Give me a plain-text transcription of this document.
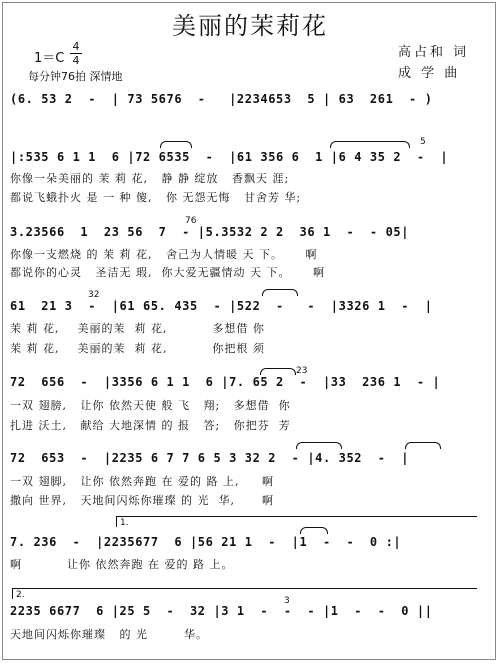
美丽的茉莉花
1＝C
4
4
每分钟76拍 深情地
高占和 词
成 学 曲
(6. 53 2  -  | 73 5676  -   |2234653  5 | 63  261  - )
5
|:535 6 1 1  6 |72 6535  -  |61 356 6  1 |6 4 35 2  -  |
你像一朵美丽的 茉 莉 花,   静 静 绽放   香飘天 涯;
都说飞蛾扑火 是 一 种 傻,   你 无怨无悔   甘舍芳 华;
76
3.23566  1  23 56  7  - |5.3532 2 2  36 1  -  - 05|
你像一支燃烧 的 茉 莉 花,   舍己为人情暖 天 下。     啊
都说你的心灵   圣洁无 瑕,  你大爱无疆情动 天 下。     啊
32
61  21 3  -  |61 65. 435  - |522  -   -  |3326 1  -  |
茉 莉 花,    美丽的茉  莉 花,          多想借 你
茉 莉 花,    美丽的茉  莉 花,          你把根 须
23
72  656  -  |3356 6 1 1  6 |7. 65 2  -  |33  236 1  - |
一双 翅膀,   让你 依然天使 般 飞   翔;   多想借  你
扎进 沃土,   献给 大地深情 的 报   答;   你把芬  芳
72  653  -  |2235 6 7 7 6 5 3 32 2  - |4. 352  -  |
一双 翅脚,   让你 依然奔跑 在 爱的 路 上,     啊
撒向 世界,   天地间闪烁你璀璨 的 光  华,      啊
1.
7. 236  -  |2235677  6 |56 21 1  -  |1  -  -  0 :|
啊          让你 依然奔跑 在 爱的 路 上。
2.
3
2235 6677  6 |25 5  -  32 |3 1  -  -  - |1  -  -  0 ||
天地间闪烁你璀璨   的 光        华。
